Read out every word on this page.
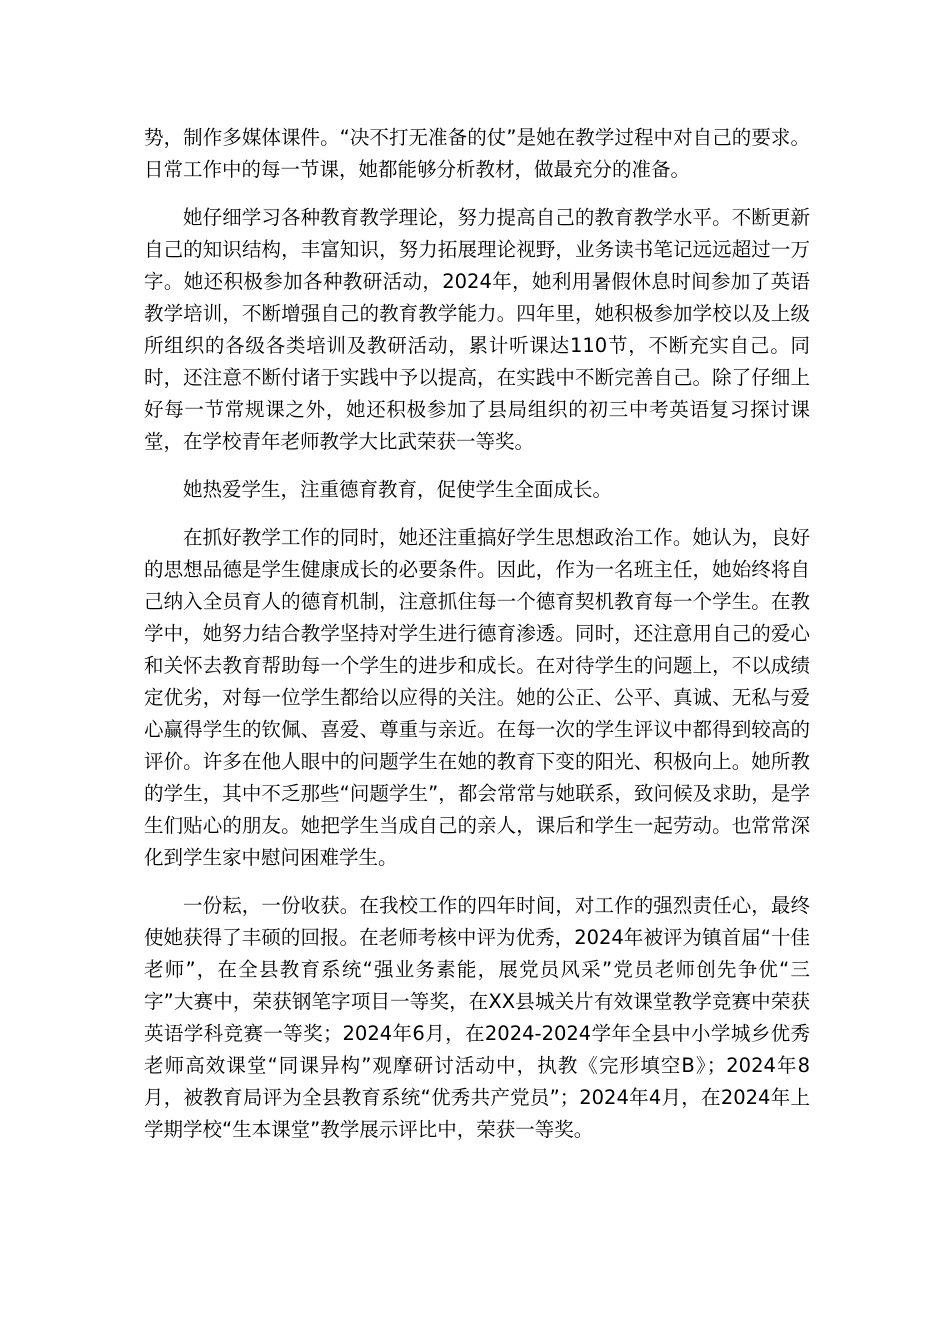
势，制作多媒体课件。“决不打无准备的仗”是她在教学过程中对自己的要求。日常工作中的每一节课，她都能够分析教材，做最充分的准备。

她仔细学习各种教育教学理论，努力提高自己的教育教学水平。不断更新自己的知识结构，丰富知识，努力拓展理论视野，业务读书笔记远远超过一万字。她还积极参加各种教研活动，2024年，她利用暑假休息时间参加了英语教学培训，不断增强自己的教育教学能力。四年里，她积极参加学校以及上级所组织的各级各类培训及教研活动，累计听课达110节，不断充实自己。同时，还注意不断付诸于实践中予以提高，在实践中不断完善自己。除了仔细上好每一节常规课之外，她还积极参加了县局组织的初三中考英语复习探讨课堂，在学校青年老师教学大比武荣获一等奖。

她热爱学生，注重德育教育，促使学生全面成长。

在抓好教学工作的同时，她还注重搞好学生思想政治工作。她认为，良好的思想品德是学生健康成长的必要条件。因此，作为一名班主任，她始终将自己纳入全员育人的德育机制，注意抓住每一个德育契机教育每一个学生。在教学中，她努力结合教学坚持对学生进行德育渗透。同时，还注意用自己的爱心和关怀去教育帮助每一个学生的进步和成长。在对待学生的问题上，不以成绩定优劣，对每一位学生都给以应得的关注。她的公正、公平、真诚、无私与爱心赢得学生的钦佩、喜爱、尊重与亲近。在每一次的学生评议中都得到较高的评价。许多在他人眼中的问题学生在她的教育下变的阳光、积极向上。她所教的学生，其中不乏那些“问题学生”，都会常常与她联系，致问候及求助，是学生们贴心的朋友。她把学生当成自己的亲人，课后和学生一起劳动。也常常深化到学生家中慰问困难学生。

一份耘，一份收获。在我校工作的四年时间，对工作的强烈责任心，最终使她获得了丰硕的回报。在老师考核中评为优秀，2024年被评为镇首届“十佳老师”，在全县教育系统“强业务素能，展党员风采”党员老师创先争优“三字”大赛中，荣获钢笔字项目一等奖，在XX县城关片有效课堂教学竞赛中荣获英语学科竞赛一等奖；2024年6月，在2024-2024学年全县中小学城乡优秀老师高效课堂“同课异构”观摩研讨活动中，执教《完形填空B》；2024年8月，被教育局评为全县教育系统“优秀共产党员”；2024年4月，在2024年上学期学校“生本课堂”教学展示评比中，荣获一等奖。
